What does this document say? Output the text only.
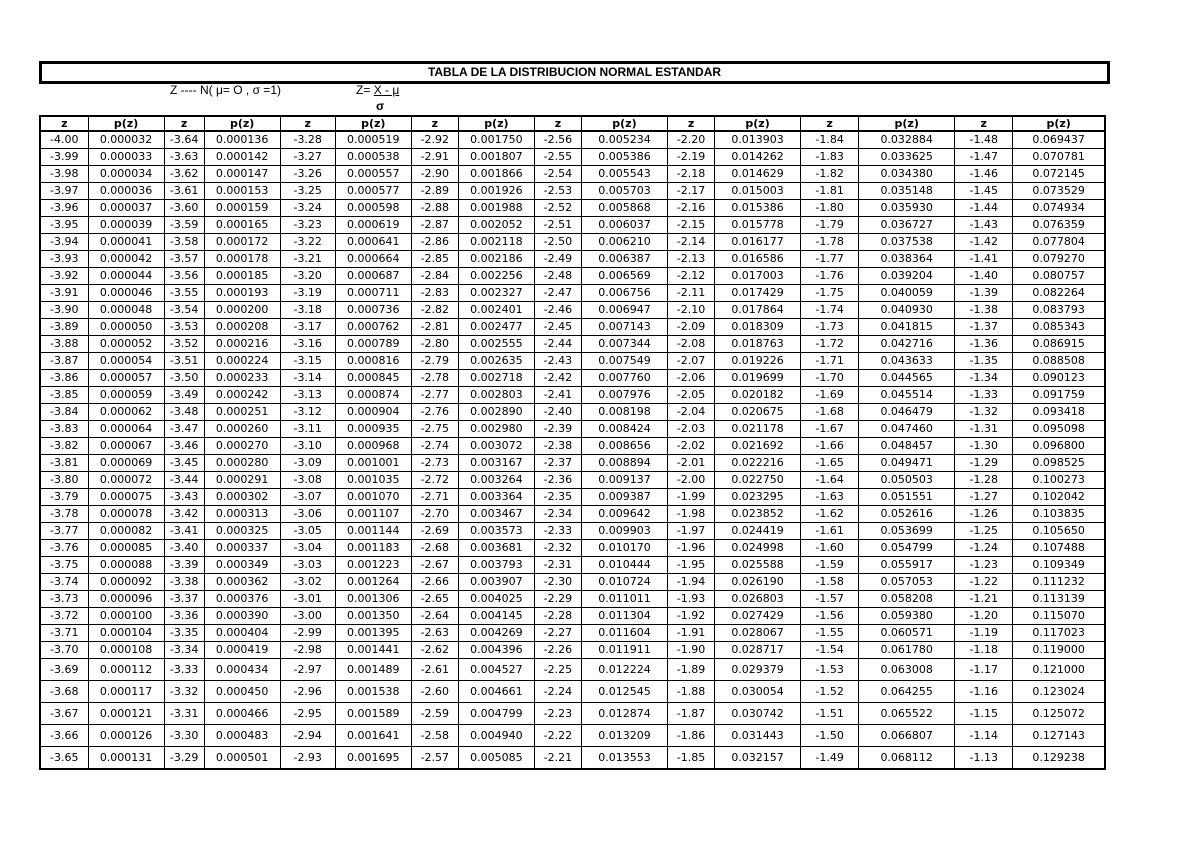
TABLA DE LA DISTRIBUCION NORMAL ESTANDAR
Z ---- N( μ= O , σ =1)	Z= X - μ
σ
z	p(z)	z	p(z)	z	p(z)	z	p(z)	z	p(z)	z	p(z)	z	p(z)	z	p(z)
-4.00	0.000032	-3.64	0.000136	-3.28	0.000519	-2.92	0.001750	-2.56	0.005234	-2.20	0.013903	-1.84	0.032884	-1.48	0.069437
-3.99	0.000033	-3.63	0.000142	-3.27	0.000538	-2.91	0.001807	-2.55	0.005386	-2.19	0.014262	-1.83	0.033625	-1.47	0.070781
-3.98	0.000034	-3.62	0.000147	-3.26	0.000557	-2.90	0.001866	-2.54	0.005543	-2.18	0.014629	-1.82	0.034380	-1.46	0.072145
-3.97	0.000036	-3.61	0.000153	-3.25	0.000577	-2.89	0.001926	-2.53	0.005703	-2.17	0.015003	-1.81	0.035148	-1.45	0.073529
-3.96	0.000037	-3.60	0.000159	-3.24	0.000598	-2.88	0.001988	-2.52	0.005868	-2.16	0.015386	-1.80	0.035930	-1.44	0.074934
-3.95	0.000039	-3.59	0.000165	-3.23	0.000619	-2.87	0.002052	-2.51	0.006037	-2.15	0.015778	-1.79	0.036727	-1.43	0.076359
-3.94	0.000041	-3.58	0.000172	-3.22	0.000641	-2.86	0.002118	-2.50	0.006210	-2.14	0.016177	-1.78	0.037538	-1.42	0.077804
-3.93	0.000042	-3.57	0.000178	-3.21	0.000664	-2.85	0.002186	-2.49	0.006387	-2.13	0.016586	-1.77	0.038364	-1.41	0.079270
-3.92	0.000044	-3.56	0.000185	-3.20	0.000687	-2.84	0.002256	-2.48	0.006569	-2.12	0.017003	-1.76	0.039204	-1.40	0.080757
-3.91	0.000046	-3.55	0.000193	-3.19	0.000711	-2.83	0.002327	-2.47	0.006756	-2.11	0.017429	-1.75	0.040059	-1.39	0.082264
-3.90	0.000048	-3.54	0.000200	-3.18	0.000736	-2.82	0.002401	-2.46	0.006947	-2.10	0.017864	-1.74	0.040930	-1.38	0.083793
-3.89	0.000050	-3.53	0.000208	-3.17	0.000762	-2.81	0.002477	-2.45	0.007143	-2.09	0.018309	-1.73	0.041815	-1.37	0.085343
-3.88	0.000052	-3.52	0.000216	-3.16	0.000789	-2.80	0.002555	-2.44	0.007344	-2.08	0.018763	-1.72	0.042716	-1.36	0.086915
-3.87	0.000054	-3.51	0.000224	-3.15	0.000816	-2.79	0.002635	-2.43	0.007549	-2.07	0.019226	-1.71	0.043633	-1.35	0.088508
-3.86	0.000057	-3.50	0.000233	-3.14	0.000845	-2.78	0.002718	-2.42	0.007760	-2.06	0.019699	-1.70	0.044565	-1.34	0.090123
-3.85	0.000059	-3.49	0.000242	-3.13	0.000874	-2.77	0.002803	-2.41	0.007976	-2.05	0.020182	-1.69	0.045514	-1.33	0.091759
-3.84	0.000062	-3.48	0.000251	-3.12	0.000904	-2.76	0.002890	-2.40	0.008198	-2.04	0.020675	-1.68	0.046479	-1.32	0.093418
-3.83	0.000064	-3.47	0.000260	-3.11	0.000935	-2.75	0.002980	-2.39	0.008424	-2.03	0.021178	-1.67	0.047460	-1.31	0.095098
-3.82	0.000067	-3.46	0.000270	-3.10	0.000968	-2.74	0.003072	-2.38	0.008656	-2.02	0.021692	-1.66	0.048457	-1.30	0.096800
-3.81	0.000069	-3.45	0.000280	-3.09	0.001001	-2.73	0.003167	-2.37	0.008894	-2.01	0.022216	-1.65	0.049471	-1.29	0.098525
-3.80	0.000072	-3.44	0.000291	-3.08	0.001035	-2.72	0.003264	-2.36	0.009137	-2.00	0.022750	-1.64	0.050503	-1.28	0.100273
-3.79	0.000075	-3.43	0.000302	-3.07	0.001070	-2.71	0.003364	-2.35	0.009387	-1.99	0.023295	-1.63	0.051551	-1.27	0.102042
-3.78	0.000078	-3.42	0.000313	-3.06	0.001107	-2.70	0.003467	-2.34	0.009642	-1.98	0.023852	-1.62	0.052616	-1.26	0.103835
-3.77	0.000082	-3.41	0.000325	-3.05	0.001144	-2.69	0.003573	-2.33	0.009903	-1.97	0.024419	-1.61	0.053699	-1.25	0.105650
-3.76	0.000085	-3.40	0.000337	-3.04	0.001183	-2.68	0.003681	-2.32	0.010170	-1.96	0.024998	-1.60	0.054799	-1.24	0.107488
-3.75	0.000088	-3.39	0.000349	-3.03	0.001223	-2.67	0.003793	-2.31	0.010444	-1.95	0.025588	-1.59	0.055917	-1.23	0.109349
-3.74	0.000092	-3.38	0.000362	-3.02	0.001264	-2.66	0.003907	-2.30	0.010724	-1.94	0.026190	-1.58	0.057053	-1.22	0.111232
-3.73	0.000096	-3.37	0.000376	-3.01	0.001306	-2.65	0.004025	-2.29	0.011011	-1.93	0.026803	-1.57	0.058208	-1.21	0.113139
-3.72	0.000100	-3.36	0.000390	-3.00	0.001350	-2.64	0.004145	-2.28	0.011304	-1.92	0.027429	-1.56	0.059380	-1.20	0.115070
-3.71	0.000104	-3.35	0.000404	-2.99	0.001395	-2.63	0.004269	-2.27	0.011604	-1.91	0.028067	-1.55	0.060571	-1.19	0.117023
-3.70	0.000108	-3.34	0.000419	-2.98	0.001441	-2.62	0.004396	-2.26	0.011911	-1.90	0.028717	-1.54	0.061780	-1.18	0.119000
-3.69	0.000112	-3.33	0.000434	-2.97	0.001489	-2.61	0.004527	-2.25	0.012224	-1.89	0.029379	-1.53	0.063008	-1.17	0.121000
-3.68	0.000117	-3.32	0.000450	-2.96	0.001538	-2.60	0.004661	-2.24	0.012545	-1.88	0.030054	-1.52	0.064255	-1.16	0.123024
-3.67	0.000121	-3.31	0.000466	-2.95	0.001589	-2.59	0.004799	-2.23	0.012874	-1.87	0.030742	-1.51	0.065522	-1.15	0.125072
-3.66	0.000126	-3.30	0.000483	-2.94	0.001641	-2.58	0.004940	-2.22	0.013209	-1.86	0.031443	-1.50	0.066807	-1.14	0.127143
-3.65	0.000131	-3.29	0.000501	-2.93	0.001695	-2.57	0.005085	-2.21	0.013553	-1.85	0.032157	-1.49	0.068112	-1.13	0.129238
